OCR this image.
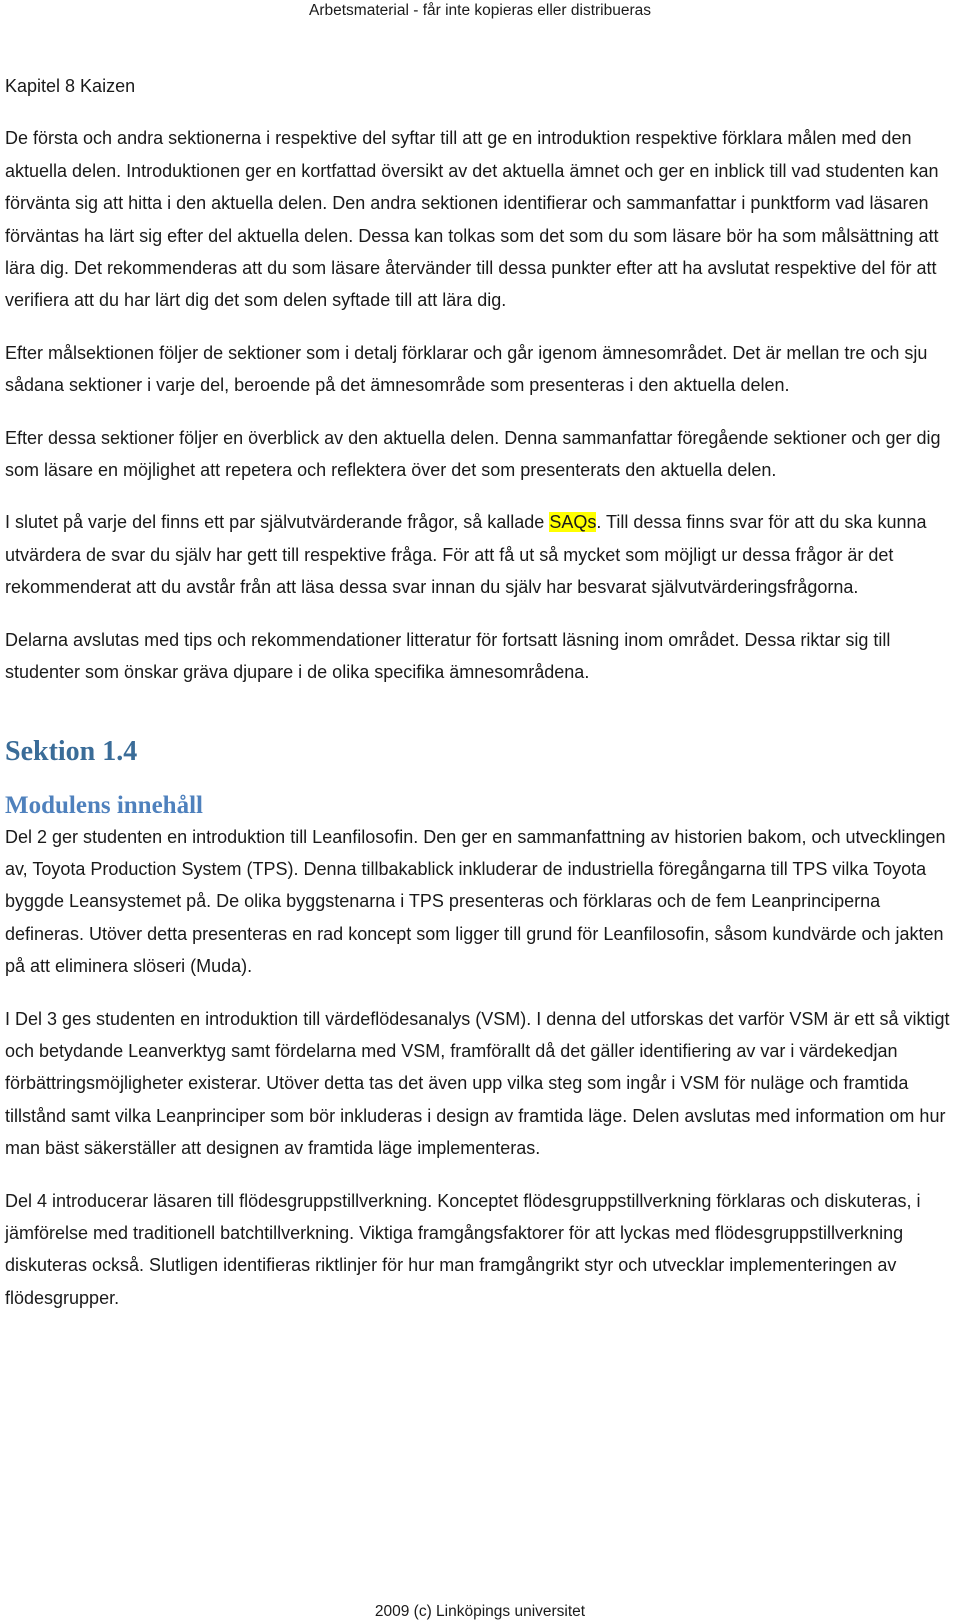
Arbetsmaterial - får inte kopieras eller distribueras

Kapitel 8 Kaizen

De första och andra sektionerna i respektive del syftar till att ge en introduktion respektive förklara målen med den aktuella delen. Introduktionen ger en kortfattad översikt av det aktuella ämnet och ger en inblick till vad studenten kan förvänta sig att hitta i den aktuella delen. Den andra sektionen identifierar och sammanfattar i punktform vad läsaren förväntas ha lärt sig efter del aktuella delen. Dessa kan tolkas som det som du som läsare bör ha som målsättning att lära dig. Det rekommenderas att du som läsare återvänder till dessa punkter efter att ha avslutat respektive del för att verifiera att du har lärt dig det som delen syftade till att lära dig.

Efter målsektionen följer de sektioner som i detalj förklarar och går igenom ämnesområdet. Det är mellan tre och sju sådana sektioner i varje del, beroende på det ämnesområde som presenteras i den aktuella delen.

Efter dessa sektioner följer en överblick av den aktuella delen. Denna sammanfattar föregående sektioner och ger dig som läsare en möjlighet att repetera och reflektera över det som presenterats den aktuella delen.

I slutet på varje del finns ett par självutvärderande frågor, så kallade SAQs. Till dessa finns svar för att du ska kunna utvärdera de svar du själv har gett till respektive fråga. För att få ut så mycket som möjligt ur dessa frågor är det rekommenderat att du avstår från att läsa dessa svar innan du själv har besvarat självutvärderingsfrågorna.

Delarna avslutas med tips och rekommendationer litteratur för fortsatt läsning inom området. Dessa riktar sig till studenter som önskar gräva djupare i de olika specifika ämnesområdena.

Sektion 1.4
Modulens innehåll

Del 2 ger studenten en introduktion till Leanfilosofin. Den ger en sammanfattning av historien bakom, och utvecklingen av, Toyota Production System (TPS). Denna tillbakablick inkluderar de industriella föregångarna till TPS vilka Toyota byggde Leansystemet på. De olika byggstenarna i TPS presenteras och förklaras och de fem Leanprinciperna defineras. Utöver detta presenteras en rad koncept som ligger till grund för Leanfilosofin, såsom kundvärde och jakten på att eliminera slöseri (Muda).

I Del 3 ges studenten en introduktion till värdeflödesanalys (VSM). I denna del utforskas det varför VSM är ett så viktigt och betydande Leanverktyg samt fördelarna med VSM, framförallt då det gäller identifiering av var i värdekedjan förbättringsmöjligheter existerar. Utöver detta tas det även upp vilka steg som ingår i VSM för nuläge och framtida tillstånd samt vilka Leanprinciper som bör inkluderas i design av framtida läge. Delen avslutas med information om hur man bäst säkerställer att designen av framtida läge implementeras.

Del 4 introducerar läsaren till flödesgruppstillverkning. Konceptet flödesgruppstillverkning förklaras och diskuteras, i jämförelse med traditionell batchtillverkning. Viktiga framgångsfaktorer för att lyckas med flödesgruppstillverkning diskuteras också. Slutligen identifieras riktlinjer för hur man framgångrikt styr och utvecklar implementeringen av flödesgrupper.

2009 (c) Linköpings universitet
